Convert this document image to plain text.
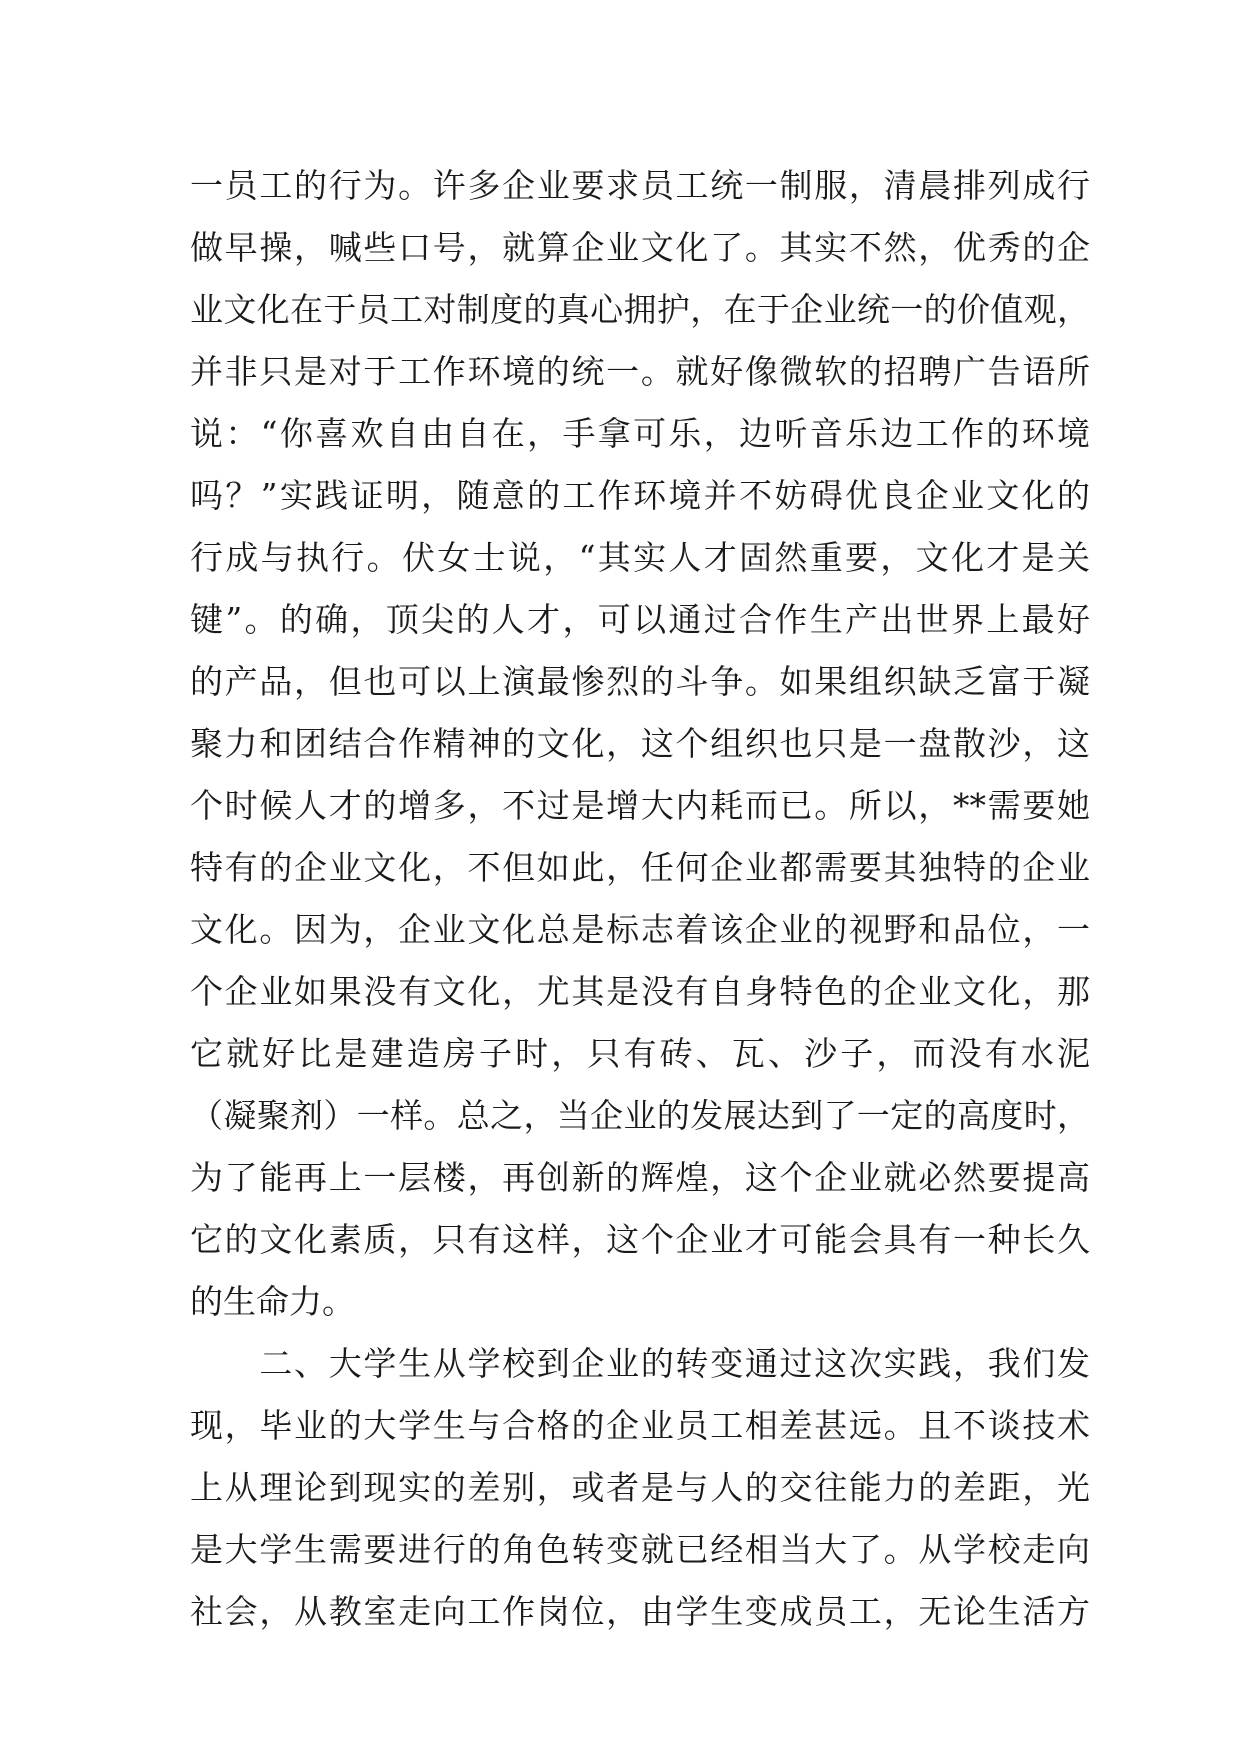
一员工的行为。许多企业要求员工统一制服，清晨排列成行
做早操，喊些口号，就算企业文化了。其实不然，优秀的企
业文化在于员工对制度的真心拥护，在于企业统一的价值观，
并非只是对于工作环境的统一。就好像微软的招聘广告语所
说：“你喜欢自由自在，手拿可乐，边听音乐边工作的环境
吗？”实践证明，随意的工作环境并不妨碍优良企业文化的
行成与执行。伏女士说，“其实人才固然重要，文化才是关
键”。的确，顶尖的人才，可以通过合作生产出世界上最好
的产品，但也可以上演最惨烈的斗争。如果组织缺乏富于凝
聚力和团结合作精神的文化，这个组织也只是一盘散沙，这
个时候人才的增多，不过是增大内耗而已。所以，**需要她
特有的企业文化，不但如此，任何企业都需要其独特的企业
文化。因为，企业文化总是标志着该企业的视野和品位，一
个企业如果没有文化，尤其是没有自身特色的企业文化，那
它就好比是建造房子时，只有砖、瓦、沙子，而没有水泥
（凝聚剂）一样。总之，当企业的发展达到了一定的高度时，
为了能再上一层楼，再创新的辉煌，这个企业就必然要提高
它的文化素质，只有这样，这个企业才可能会具有一种长久
的生命力。
　　二、大学生从学校到企业的转变通过这次实践，我们发
现，毕业的大学生与合格的企业员工相差甚远。且不谈技术
上从理论到现实的差别，或者是与人的交往能力的差距，光
是大学生需要进行的角色转变就已经相当大了。从学校走向
社会，从教室走向工作岗位，由学生变成员工，无论生活方
